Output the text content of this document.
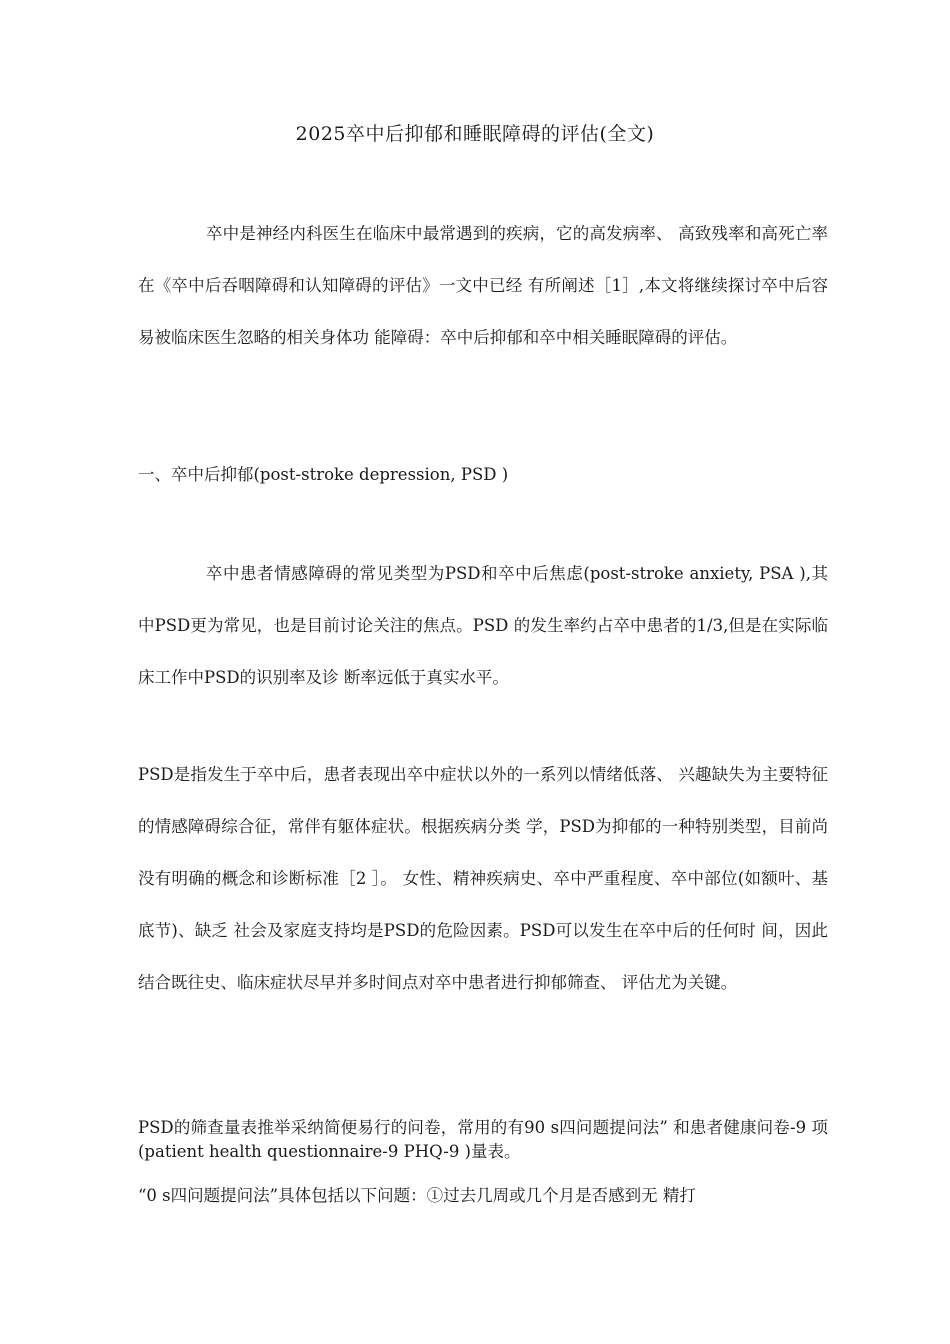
2025卒中后抑郁和睡眠障碍的评估(全文)

卒中是神经内科医生在临床中最常遇到的疾病，它的高发病率、 高致残率和高死亡率在《卒中后吞咽障碍和认知障碍的评估》一文中已经 有所阐述［1］,本文将继续探讨卒中后容易被临床医生忽略的相关身体功 能障碍：卒中后抑郁和卒中相关睡眠障碍的评估。

一、卒中后抑郁(post-stroke depression, PSD )

卒中患者情感障碍的常见类型为PSD和卒中后焦虑(post-stroke anxiety, PSA ),其中PSD更为常见，也是目前讨论关注的焦点。PSD 的发生率约占卒中患者的1/3,但是在实际临床工作中PSD的识别率及诊 断率远低于真实水平。

PSD是指发生于卒中后，患者表现出卒中症状以外的一系列以情绪低落、 兴趣缺失为主要特征的情感障碍综合征，常伴有躯体症状。根据疾病分类 学，PSD为抑郁的一种特别类型，目前尚没有明确的概念和诊断标准［2 ］。 女性、精神疾病史、卒中严重程度、卒中部位(如额叶、基底节)、缺乏 社会及家庭支持均是PSD的危险因素。PSD可以发生在卒中后的任何时 间，因此结合既往史、临床症状尽早并多时间点对卒中患者进行抑郁筛查、 评估尤为关键。

PSD的筛查量表推举采纳简便易行的问卷，常用的有90 s四问题提问法” 和患者健康问卷-9 项(patient health questionnaire-9 PHQ-9 )量表。

“0 s四问题提问法”具体包括以下问题：①过去几周或几个月是否感到无 精打
